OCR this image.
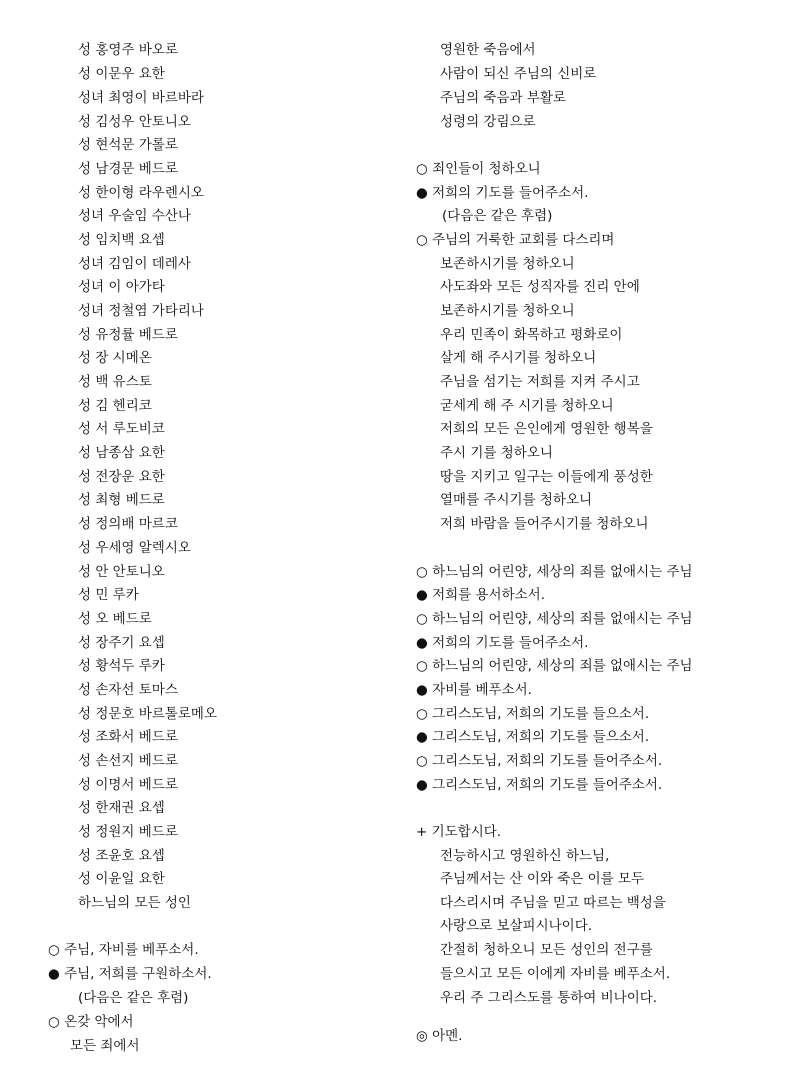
성 홍영주 바오로
성 이문우 요한
성녀 최영이 바르바라
성 김성우 안토니오
성 현석문 가롤로
성 남경문 베드로
성 한이형 라우렌시오
성녀 우술임 수산나
성 임치백 요셉
성녀 김임이 데레사
성녀 이 아가타
성녀 정철염 가타리나
성 유정률 베드로
성 장 시메온
성 백 유스토
성 김 헨리코
성 서 루도비코
성 남종삼 요한
성 전장운 요한
성 최형 베드로
성 정의배 마르코
성 우세영 알렉시오
성 안 안토니오
성 민 루카
성 오 베드로
성 장주기 요셉
성 황석두 루카
성 손자선 토마스
성 정문호 바르톨로메오
성 조화서 베드로
성 손선지 베드로
성 이명서 베드로
성 한재권 요셉
성 정원지 베드로
성 조윤호 요셉
성 이윤일 요한
하느님의 모든 성인
○ 주님, 자비를 베푸소서.
● 주님, 저희를 구원하소서.
(다음은 같은 후렴)
○ 온갖 악에서
모든 죄에서
영원한 죽음에서
사람이 되신 주님의 신비로
주님의 죽음과 부활로
성령의 강림으로
○ 죄인들이 청하오니
● 저희의 기도를 들어주소서.
(다음은 같은 후렴)
○ 주님의 거룩한 교회를 다스리며
보존하시기를 청하오니
사도좌와 모든 성직자를 진리 안에
보존하시기를 청하오니
우리 민족이 화목하고 평화로이
살게 해 주시기를 청하오니
주님을 섬기는 저희를 지켜 주시고
굳세게 해 주 시기를 청하오니
저희의 모든 은인에게 영원한 행복을
주시 기를 청하오니
땅을 지키고 일구는 이들에게 풍성한
열매를 주시기를 청하오니
저희 바람을 들어주시기를 청하오니
○ 하느님의 어린양, 세상의 죄를 없애시는 주님
● 저희를 용서하소서.
○ 하느님의 어린양, 세상의 죄를 없애시는 주님
● 저희의 기도를 들어주소서.
○ 하느님의 어린양, 세상의 죄를 없애시는 주님
● 자비를 베푸소서.
○ 그리스도님, 저희의 기도를 들으소서.
● 그리스도님, 저희의 기도를 들으소서.
○ 그리스도님, 저희의 기도를 들어주소서.
● 그리스도님, 저희의 기도를 들어주소서.
+ 기도합시다.
전능하시고 영원하신 하느님,
주님께서는 산 이와 죽은 이를 모두
다스리시며 주님을 믿고 따르는 백성을
사랑으로 보살피시나이다.
간절히 청하오니 모든 성인의 전구를
들으시고 모든 이에게 자비를 베푸소서.
우리 주 그리스도를 통하여 비나이다.
◎ 아멘.
